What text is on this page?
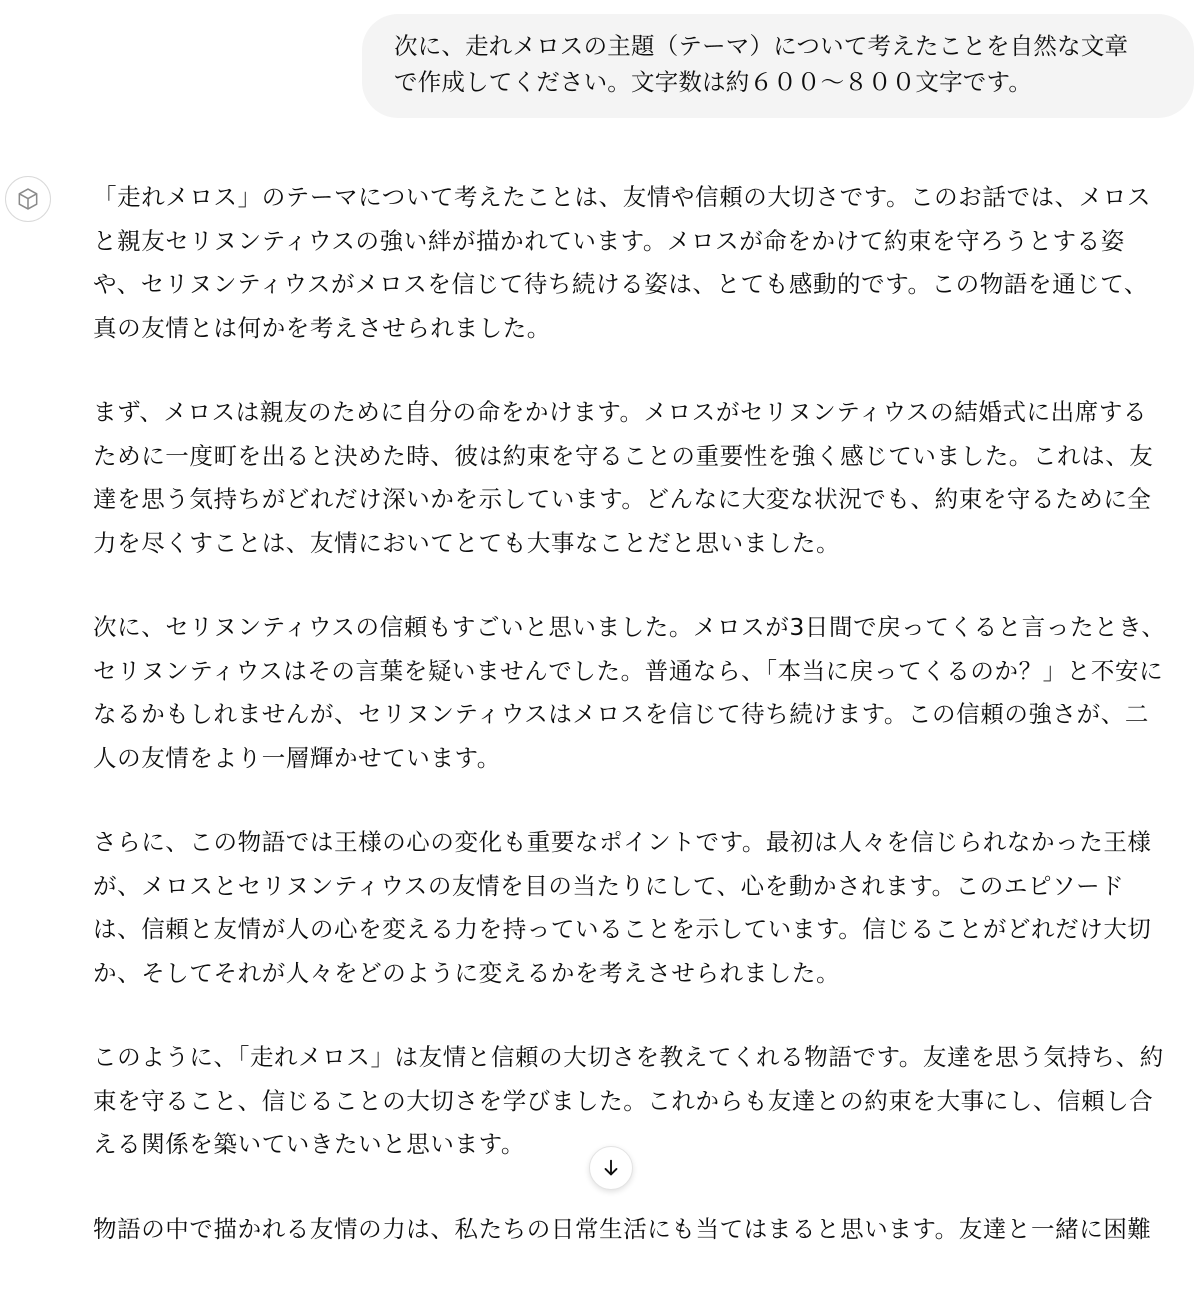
次に、走れメロスの主題（テーマ）について考えたことを自然な文章
で作成してください。文字数は約６００〜８００文字です。
「走れメロス」のテーマについて考えたことは、友情や信頼の大切さです。このお話では、メロス
と親友セリヌンティウスの強い絆が描かれています。メロスが命をかけて約束を守ろうとする姿
や、セリヌンティウスがメロスを信じて待ち続ける姿は、とても感動的です。この物語を通じて、
真の友情とは何かを考えさせられました。
まず、メロスは親友のために自分の命をかけます。メロスがセリヌンティウスの結婚式に出席する
ために一度町を出ると決めた時、彼は約束を守ることの重要性を強く感じていました。これは、友
達を思う気持ちがどれだけ深いかを示しています。どんなに大変な状況でも、約束を守るために全
力を尽くすことは、友情においてとても大事なことだと思いました。
次に、セリヌンティウスの信頼もすごいと思いました。メロスが3日間で戻ってくると言ったとき、
セリヌンティウスはその言葉を疑いませんでした。普通なら、「本当に戻ってくるのか？」と不安に
なるかもしれませんが、セリヌンティウスはメロスを信じて待ち続けます。この信頼の強さが、二
人の友情をより一層輝かせています。
さらに、この物語では王様の心の変化も重要なポイントです。最初は人々を信じられなかった王様
が、メロスとセリヌンティウスの友情を目の当たりにして、心を動かされます。このエピソード
は、信頼と友情が人の心を変える力を持っていることを示しています。信じることがどれだけ大切
か、そしてそれが人々をどのように変えるかを考えさせられました。
このように、「走れメロス」は友情と信頼の大切さを教えてくれる物語です。友達を思う気持ち、約
束を守ること、信じることの大切さを学びました。これからも友達との約束を大事にし、信頼し合
える関係を築いていきたいと思います。
物語の中で描かれる友情の力は、私たちの日常生活にも当てはまると思います。友達と一緒に困難
